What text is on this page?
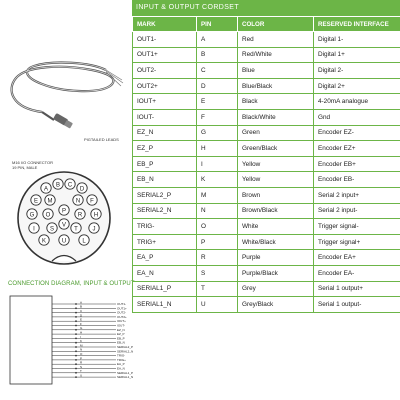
PIGTAILED LEADS
M16 I/O CONNECTOR
19 PIN, MALE
A
B C
D
E	F
G	H
I	J
K	L
M	N
O
P
R
S	T
U
V
CONNECTION DIAGRAM, INPUT & OUTPUT
A	OUT1-
B	OUT1+
C	OUT2-
D	OUT2+
E	IOUT+
F	IOUT-
G	EZ_N
H	EZ_P
I	EB_P
K	EB_N
M	SERIAL2_P
N	SERIAL2_N
O	TRIG-
P	TRIG+
R	EA_P
S	EA_N
T	SERIAL1_P
U	SERIAL1_N
INPUT & OUTPUT CORDSET
MARK	PIN	COLOR	RESERVED INTERFACE
OUT1-	A	Red	Digital 1-
OUT1+	B	Red/White	Digital 1+
OUT2-	C	Blue	Digital 2-
OUT2+	D	Blue/Black	Digital 2+
IOUT+	E	Black	4-20mA analogue
IOUT-	F	Black/White	Gnd
EZ_N	G	Green	Encoder EZ-
EZ_P	H	Green/Black	Encoder EZ+
EB_P	I	Yellow	Encoder EB+
EB_N	K	Yellow	Encoder EB-
SERIAL2_P	M	Brown	Serial 2 input+
SERIAL2_N	N	Brown/Black	Serial 2 input-
TRIG-	O	White	Trigger signal-
TRIG+	P	White/Black	Trigger signal+
EA_P	R	Purple	Encoder EA+
EA_N	S	Purple/Black	Encoder EA-
SERIAL1_P	T	Grey	Serial 1 output+
SERIAL1_N	U	Grey/Black	Serial 1 output-
